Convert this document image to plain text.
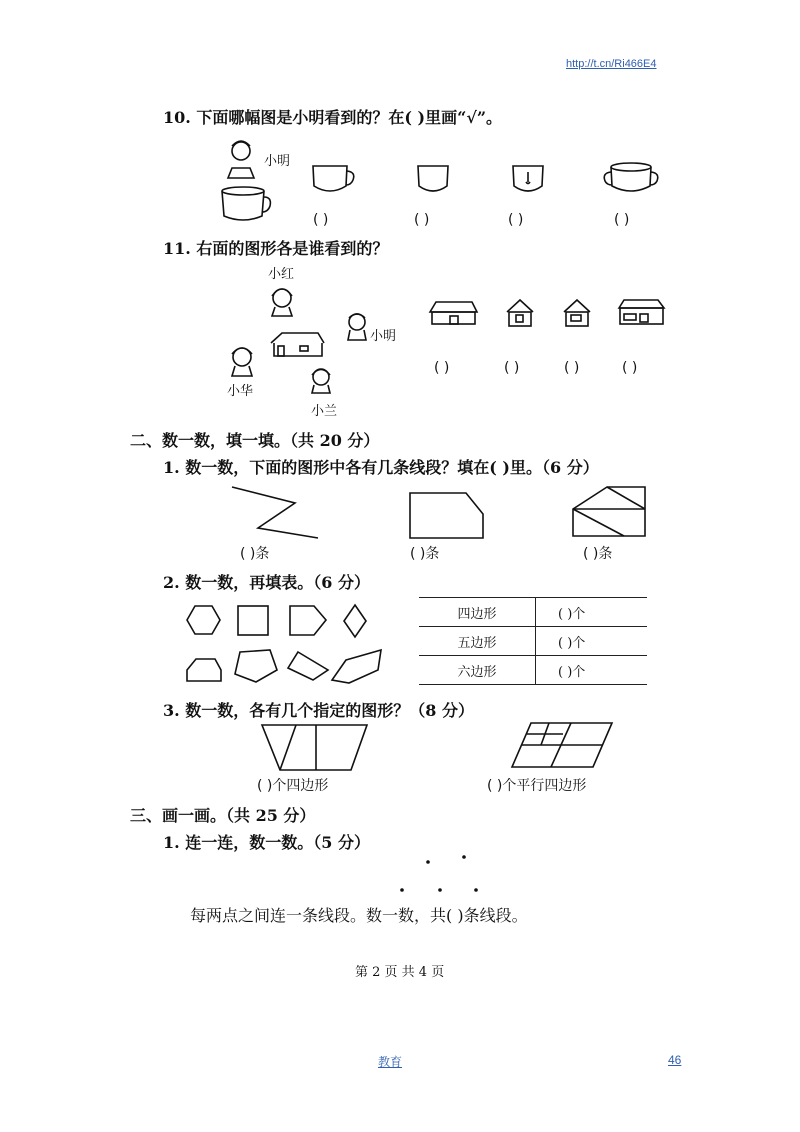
http://t.cn/Ri466E4
10. 下面哪幅图是小明看到的？在( )里画“√”。
小明
( )	( )	( )	( )
11. 右面的图形各是谁看到的？
小红
小明
小华
小兰
( )	( )	( )	( )
二、数一数，填一填。（共 20 分）
1. 数一数，下面的图形中各有几条线段？填在( )里。（6 分）
( )条	( )条	( )条
2. 数一数，再填表。（6 分）
四边形	( )个
五边形	( )个
六边形	( )个
3. 数一数，各有几个指定的图形？（8 分）
( )个四边形	( )个平行四边形
三、画一画。（共 25 分）
1. 连一连，数一数。（5 分）
每两点之间连一条线段。数一数，共( )条线段。
第 2 页 共 4 页
教育	46
